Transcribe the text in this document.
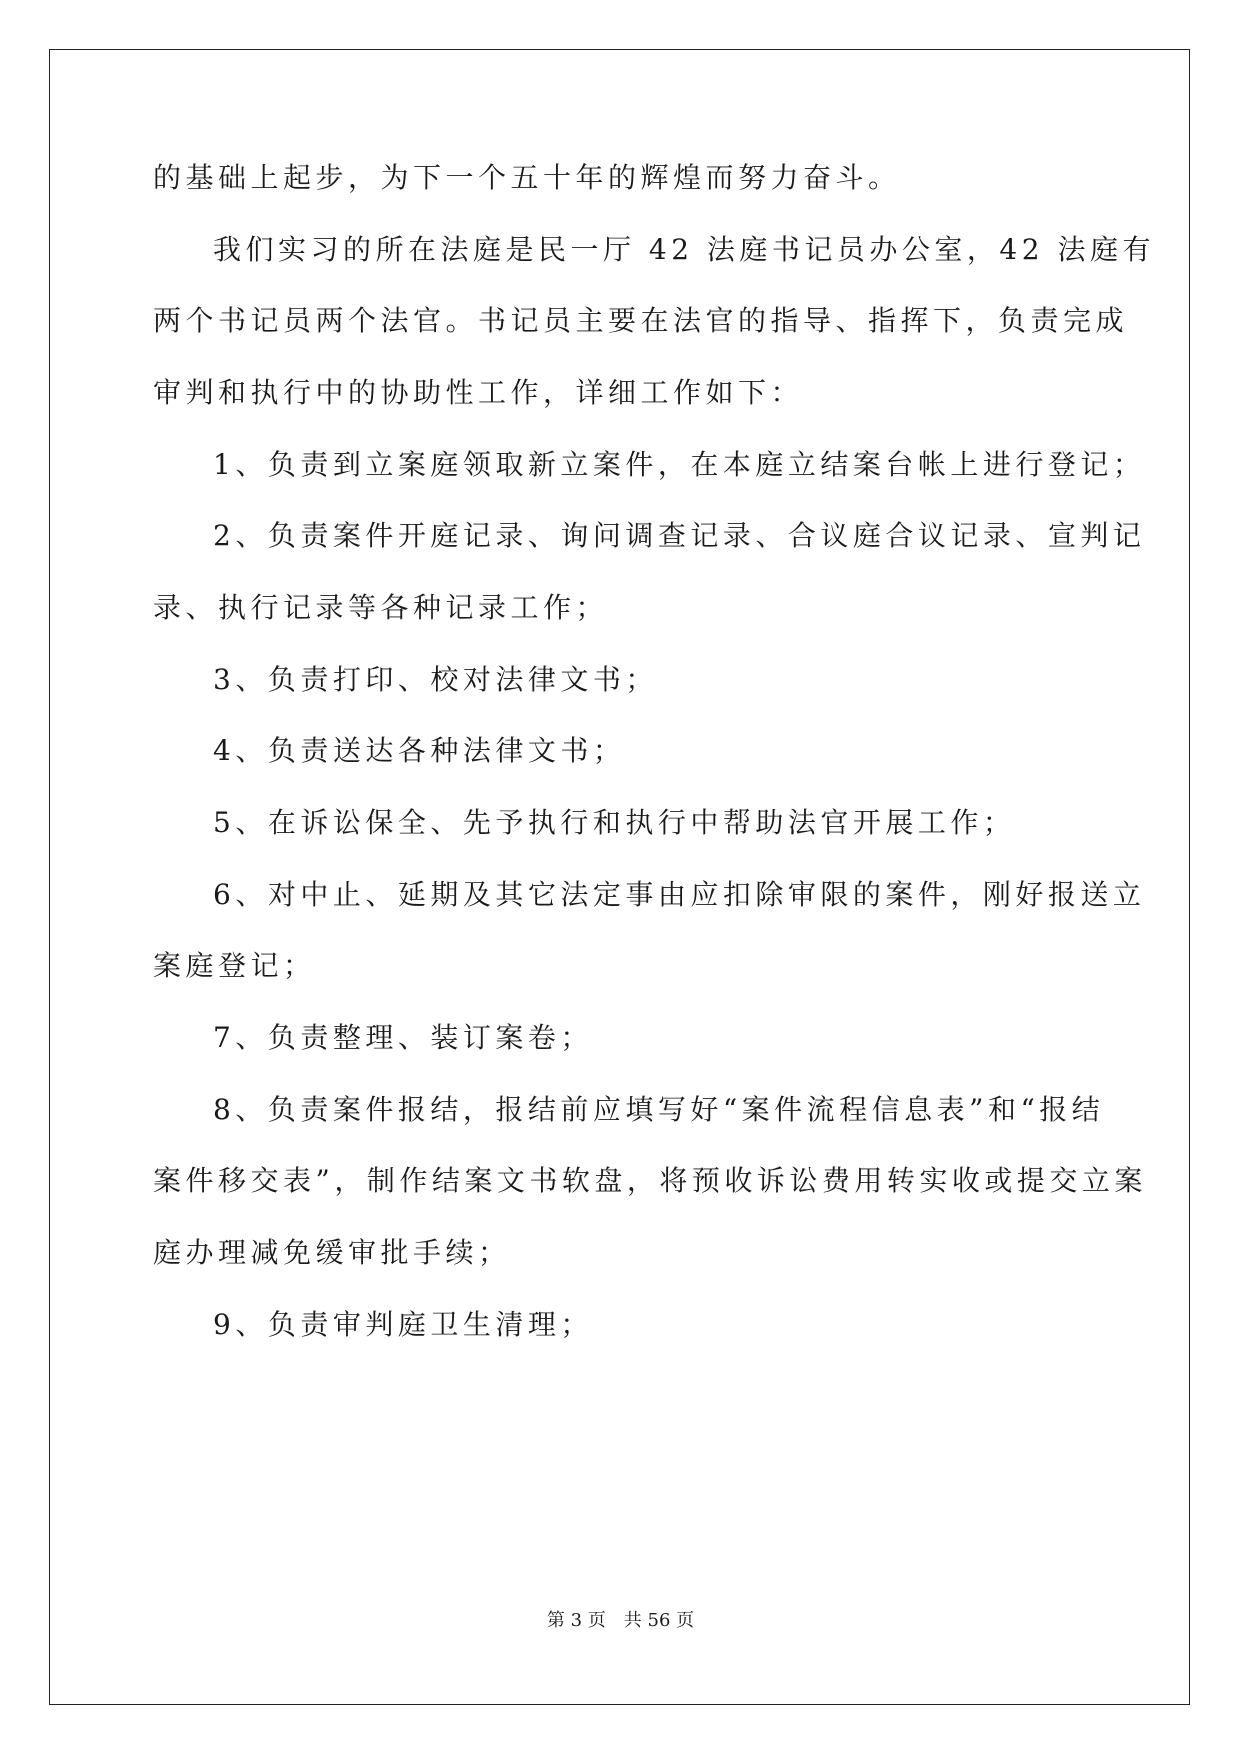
的基础上起步，为下一个五十年的辉煌而努力奋斗。
我们实习的所在法庭是民一厅 42 法庭书记员办公室，42 法庭有
两个书记员两个法官。书记员主要在法官的指导、指挥下，负责完成
审判和执行中的协助性工作，详细工作如下：
1、负责到立案庭领取新立案件，在本庭立结案台帐上进行登记；
2、负责案件开庭记录、询问调查记录、合议庭合议记录、宣判记
录、执行记录等各种记录工作；
3、负责打印、校对法律文书；
4、负责送达各种法律文书；
5、在诉讼保全、先予执行和执行中帮助法官开展工作；
6、对中止、延期及其它法定事由应扣除审限的案件，刚好报送立
案庭登记；
7、负责整理、装订案卷；
8、负责案件报结，报结前应填写好“案件流程信息表”和“报结
案件移交表”，制作结案文书软盘，将预收诉讼费用转实收或提交立案
庭办理减免缓审批手续；
9、负责审判庭卫生清理；
第 3 页 共 56 页
